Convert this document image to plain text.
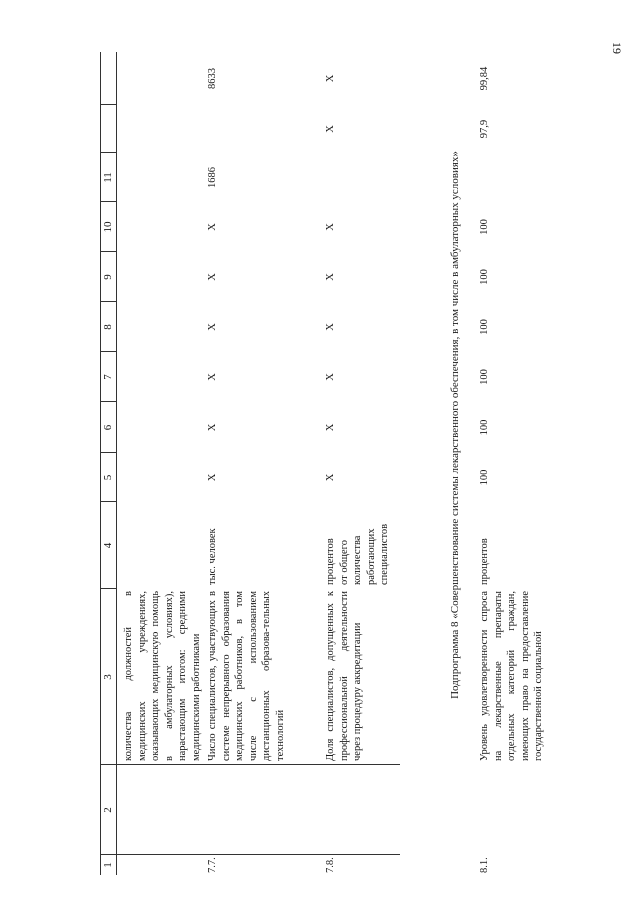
19
1
2
3
4
5
6
7
8
9
10
11
количества должностей в медицинских учреждениях, оказывающих медицинскую помощь в амбулаторных условиях), нарастающим итогом: средними медицинскими работниками
7.7.
Число специалистов, участвующих в системе непрерывного образования медицинских работников, в том числе с использованием дистанционных образова-тельных технологий
тыс. человек
X
X
X
X
X
X
1686
8633
7.8.
Доля специалистов, допущенных к профессиональной деятельности через процедуру аккредитации
процентов
от общего
количества
работающих
специалистов
X
X
X
X
X
X
X
X
Подпрограмма 8 «Совершенствование системы лекарственного обеспечения, в том числе в амбулаторных условиях»
8.1.
Уровень удовлетворенности спроса на лекарственные препараты отдельных категорий граждан, имеющих право на предоставление государственной социальной
процентов
100
100
100
100
100
100
97,9
99,84
